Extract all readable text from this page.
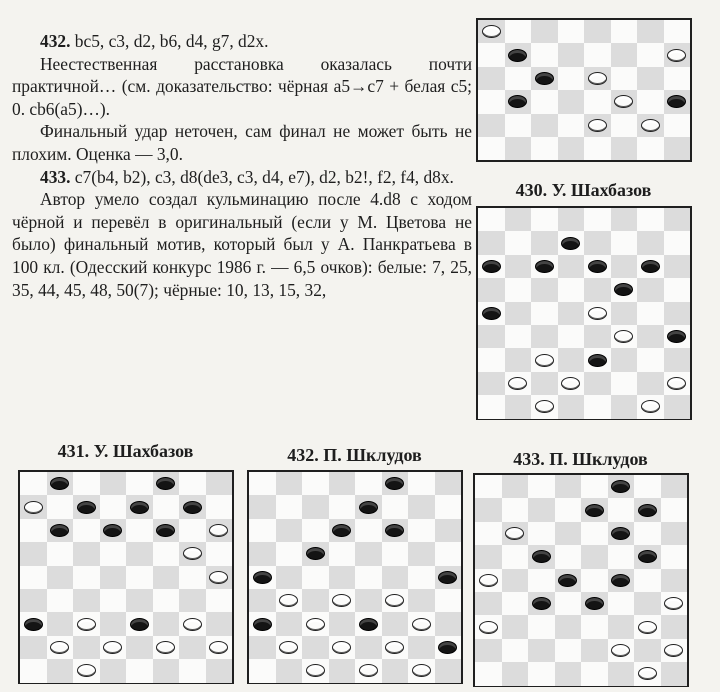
432. bc5, c3, d2, b6, d4, g7, d2x.

Неестественная расстановка оказалась почти практичной… (см. доказательство: чёрная a5→c7 + белая c5; 0. cb6(a5)…).

Финальный удар неточен, сам финал не может быть не плохим. Оценка — 3,0.

433. c7(b4, b2), c3, d8(de3, c3, d4, e7), d2, b2!, f2, f4, d8x.

Автор умело создал кульминацию после 4.d8 с ходом чёрной и перевёл в оригинальный (если у М. Цветова не было) финальный мотив, который был у А. Панкратьева в 100 кл. (Одесский конкурс 1986 г. — 6,5 очков): белые: 7, 25, 35, 44, 45, 48, 50(7); чёрные: 10, 13, 15, 32,

430. У. Шахбазов
431. У. Шахбазов	432. П. Шклудов	433. П. Шклудов
